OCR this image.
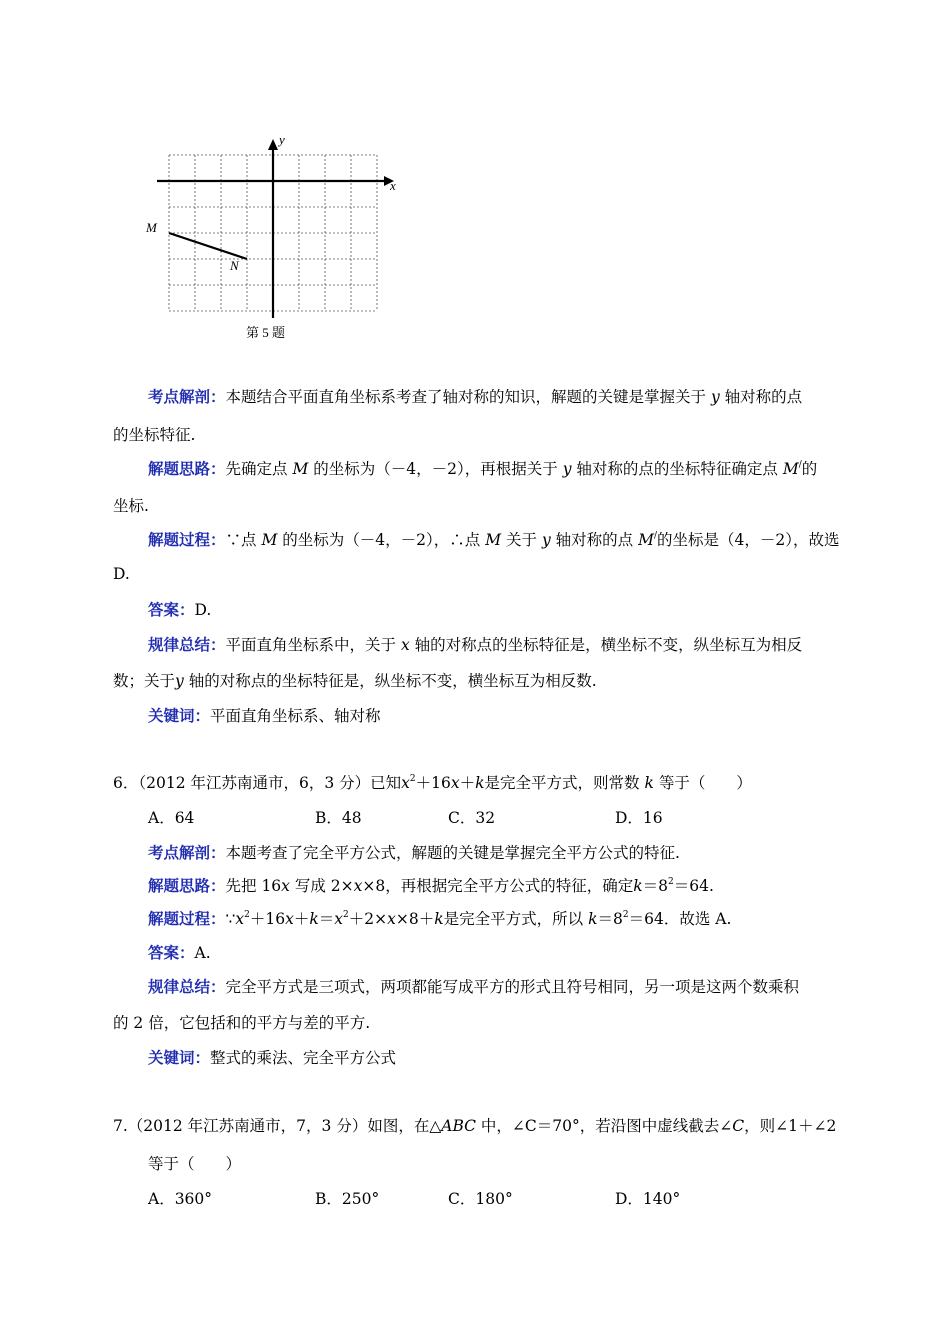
x
y
M
N
第 5 题
考点解剖：本题结合平面直角坐标系考查了轴对称的知识，解题的关键是掌握关于 y 轴对称的点
的坐标特征.
解题思路：先确定点 M 的坐标为（－4，－2），再根据关于 y 轴对称的点的坐标特征确定点 M/的
坐标.
解题过程：∵点 M 的坐标为（－4，－2），∴点 M 关于 y 轴对称的点 M/的坐标是（4，－2），故选
D.
答案：D.
规律总结：平面直角坐标系中，关于 x 轴的对称点的坐标特征是，横坐标不变，纵坐标互为相反
数；关于y 轴的对称点的坐标特征是，纵坐标不变，横坐标互为相反数.
关键词：平面直角坐标系、轴对称
6．（2012 年江苏南通市，6，3 分）已知$x^2+16x+k$是完全平方式，则常数 k 等于（　　）
A．64	B．48	C．32	D．16
考点解剖：本题考查了完全平方公式，解题的关键是掌握完全平方公式的特征.
解题思路：先把 16x 写成 2×x×8，再根据完全平方公式的特征，确定$k=8^2=64$.
解题过程：$\because x^2+16x+k=x^2+2\times x\times 8+k$是完全平方式，所以 $k=8^2=64$．故选 A.
答案：A.
规律总结：完全平方式是三项式，两项都能写成平方的形式且符号相同，另一项是这两个数乘积
的 2 倍，它包括和的平方与差的平方.
关键词：整式的乘法、完全平方公式
7.（2012 年江苏南通市，7，3 分）如图，在△ABC 中，∠C＝70°，若沿图中虚线截去∠C，则∠1＋∠2
等于（　　）
A．360°	B．250°	C．180°	D．140°
